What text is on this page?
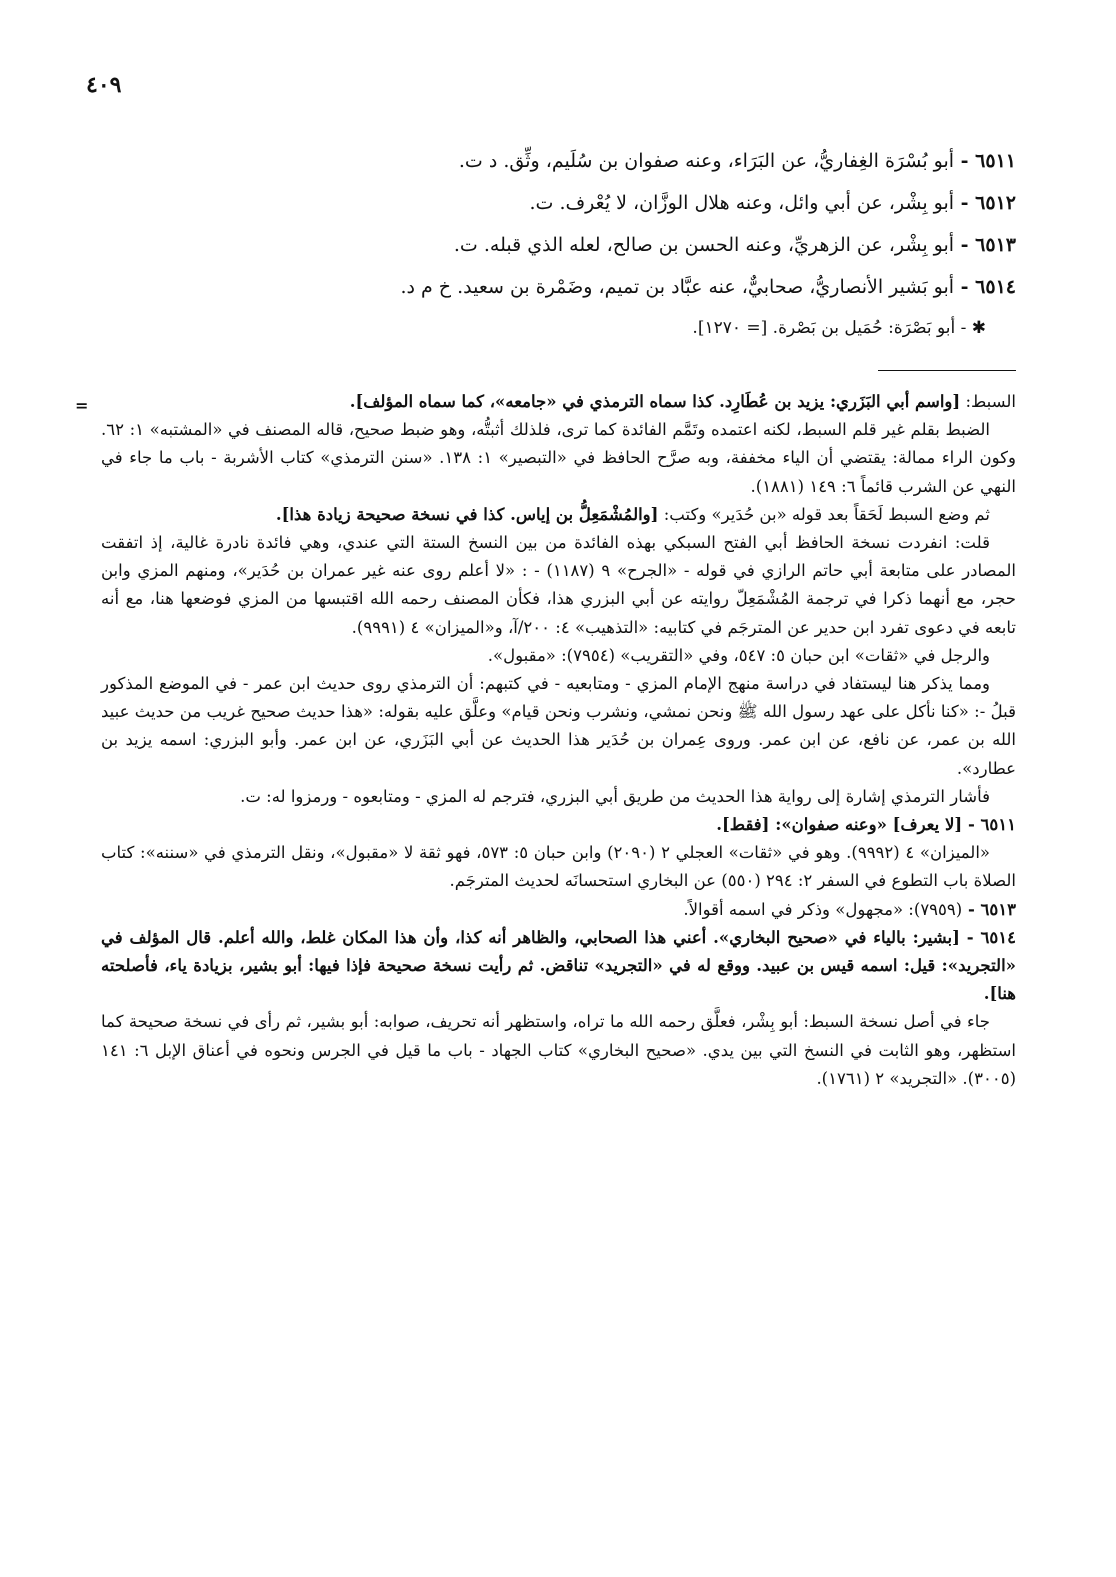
٤٠٩
٦٥١١ - أبو بُسْرَة الغِفاريُّ، عن البَرَاء، وعنه صفوان بن سُلَيم، وثِّق. د ت.
٦٥١٢ - أبو بِشْر، عن أبي وائل، وعنه هلال الوزَّان، لا يُعْرف. ت.
٦٥١٣ - أبو بِشْر، عن الزهريِّ، وعنه الحسن بن صالح، لعله الذي قبله. ت.
٦٥١٤ - أبو بَشير الأنصاريُّ، صحابيٌّ، عنه عبَّاد بن تميم، وضَمْرة بن سعيد. خ م د.
✱ - أبو بَصْرَة: حُمَيل بن بَصْرة. [= ١٢٧٠].

=	السبط: [واسم أبي البَزَري: يزيد بن عُطَارِد. كذا سماه الترمذي في «جامعه»، كما سماه المؤلف].

الضبط بقلم غير قلم السبط، لكنه اعتمده وتَمَّم الفائدة كما ترى، فلذلك أثبتُّه، وهو ضبط صحيح، قاله المصنف في «المشتبه» ١: ٦٢. وكون الراء ممالة: يقتضي أن الياء مخففة، وبه صرَّح الحافظ في «التبصير» ١: ١٣٨. «سنن الترمذي» كتاب الأشربة - باب ما جاء في النهي عن الشرب قائماً ٦: ١٤٩ (١٨٨١).

ثم وضع السبط لَحَقاً بعد قوله «بن حُدَير» وكتب: [والمُشْمَعِلُّ بن إياس. كذا في نسخة صحيحة زيادة هذا].

قلت: انفردت نسخة الحافظ أبي الفتح السبكي بهذه الفائدة من بين النسخ الستة التي عندي، وهي فائدة نادرة غالية، إذ اتفقت المصادر على متابعة أبي حاتم الرازي في قوله - «الجرح» ٩ (١١٨٧) - : «لا أعلم روى عنه غير عمران بن حُدَير»، ومنهم المزي وابن حجر، مع أنهما ذكرا في ترجمة المُشْمَعِلّ روايته عن أبي البزري هذا، فكأن المصنف رحمه الله اقتبسها من المزي فوضعها هنا، مع أنه تابعه في دعوى تفرد ابن حدير عن المترجَم في كتابيه: «التذهيب» ٤: ٢٠٠/آ، و«الميزان» ٤ (٩٩٩١).

والرجل في «ثقات» ابن حبان ٥: ٥٤٧، وفي «التقريب» (٧٩٥٤): «مقبول».

ومما يذكر هنا ليستفاد في دراسة منهج الإمام المزي - ومتابعيه - في كتبهم: أن الترمذي روى حديث ابن عمر - في الموضع المذكور قبلُ -: «كنا نأكل على عهد رسول الله ﷺ ونحن نمشي، ونشرب ونحن قيام» وعلَّق عليه بقوله: «هذا حديث صحيح غريب من حديث عبيد الله بن عمر، عن نافع، عن ابن عمر. وروى عِمران بن حُدَير هذا الحديث عن أبي البَزَري، عن ابن عمر. وأبو البزري: اسمه يزيد بن عطارد».

فأشار الترمذي إشارة إلى رواية هذا الحديث من طريق أبي البزري، فترجم له المزي - ومتابعوه - ورمزوا له: ت.

٦٥١١ - [لا يعرف] «وعنه صفوان»: [فقط].

«الميزان» ٤ (٩٩٩٢). وهو في «ثقات» العجلي ٢ (٢٠٩٠) وابن حبان ٥: ٥٧٣، فهو ثقة لا «مقبول»، ونقل الترمذي في «سننه»: كتاب الصلاة باب التطوع في السفر ٢: ٢٩٤ (٥٥٠) عن البخاري استحسانَه لحديث المترجَم.

٦٥١٣ - (٧٩٥٩): «مجهول» وذكر في اسمه أقوالاً.

٦٥١٤ - [بشير: بالياء في «صحيح البخاري». أعني هذا الصحابي، والظاهر أنه كذا، وأن هذا المكان غلط، والله أعلم. قال المؤلف في «التجريد»: قيل: اسمه قيس بن عبيد. ووقع له في «التجريد» تناقض. ثم رأيت نسخة صحيحة فإذا فيها: أبو بشير، بزيادة ياء، فأصلحته هنا].

جاء في أصل نسخة السبط: أبو بِشْر، فعلَّق رحمه الله ما تراه، واستظهر أنه تحريف، صوابه: أبو بشير، ثم رأى في نسخة صحيحة كما استظهر، وهو الثابت في النسخ التي بين يدي. «صحيح البخاري» كتاب الجهاد - باب ما قيل في الجرس ونحوه في أعناق الإبل ٦: ١٤١ (٣٠٠٥). «التجريد» ٢ (١٧٦١).
